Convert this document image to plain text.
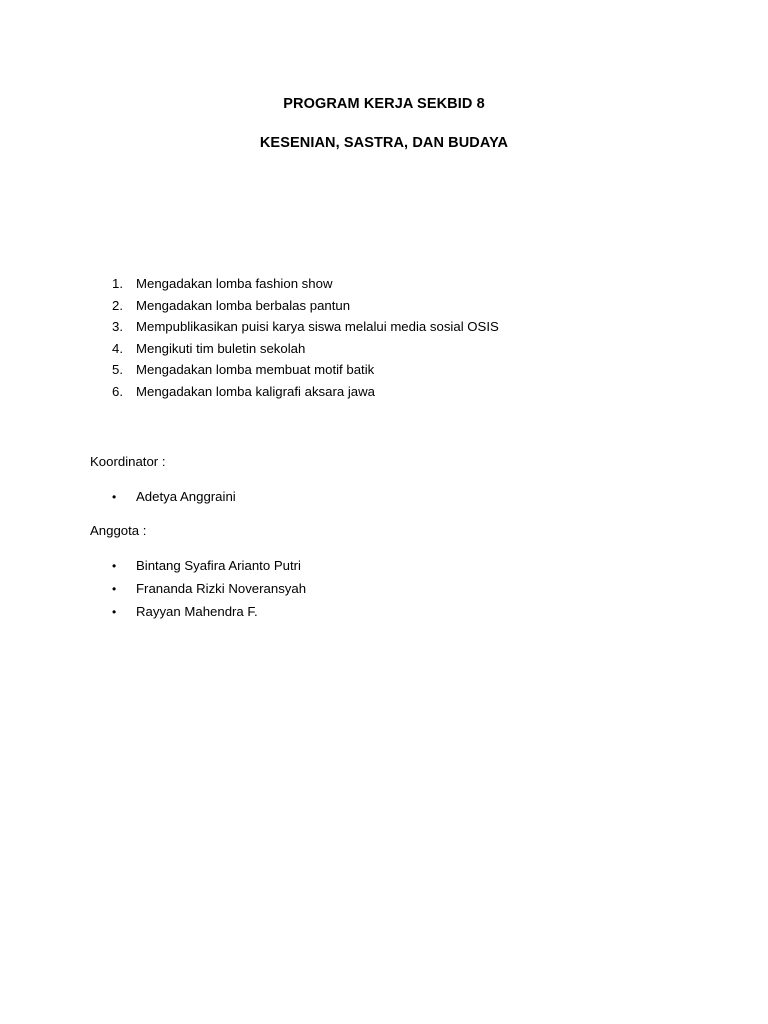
PROGRAM KERJA SEKBID 8
KESENIAN, SASTRA, DAN BUDAYA
1. Mengadakan lomba fashion show
2. Mengadakan lomba berbalas pantun
3. Mempublikasikan puisi karya siswa melalui media sosial OSIS
4. Mengikuti tim buletin sekolah
5. Mengadakan lomba membuat motif batik
6. Mengadakan lomba kaligrafi aksara jawa
Koordinator :
•	Adetya Anggraini
Anggota :
•	Bintang Syafira Arianto Putri
•	Frananda Rizki Noveransyah
•	Rayyan Mahendra F.
